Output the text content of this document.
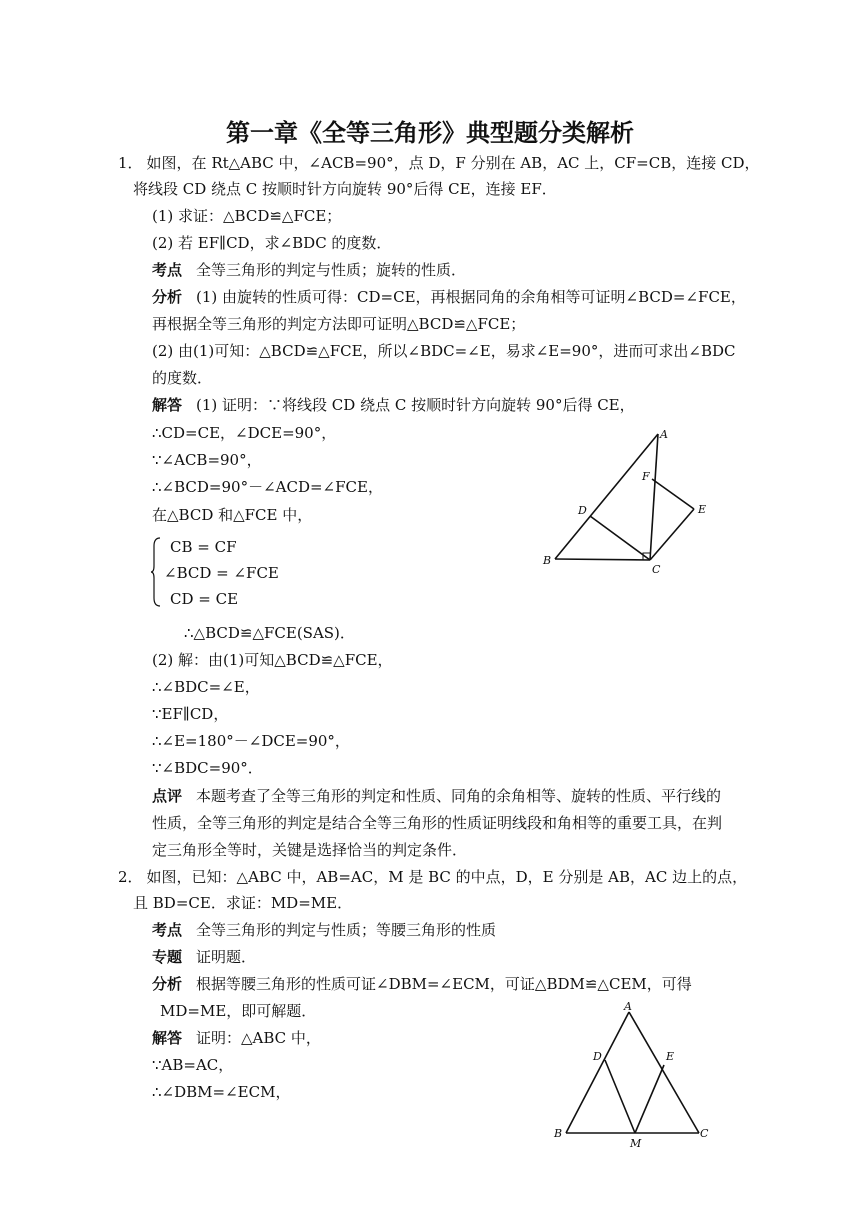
第一章《全等三角形》典型题分类解析
1． 如图，在 Rt△ABC 中，∠ACB=90°，点 D，F 分别在 AB，AC 上，CF=CB，连接 CD，
将线段 CD 绕点 C 按顺时针方向旋转 90°后得 CE，连接 EF．
(1) 求证：△BCD≌△FCE；
(2) 若 EF∥CD，求∠BDC 的度数．
考点 全等三角形的判定与性质；旋转的性质．
分析 (1) 由旋转的性质可得：CD=CE，再根据同角的余角相等可证明∠BCD=∠FCE，
再根据全等三角形的判定方法即可证明△BCD≌△FCE；
(2) 由(1)可知：△BCD≌△FCE，所以∠BDC=∠E，易求∠E=90°，进而可求出∠BDC
的度数．
解答 (1) 证明：∵将线段 CD 绕点 C 按顺时针方向旋转 90°后得 CE，
∴CD=CE，∠DCE=90°，
∵∠ACB=90°，
∴∠BCD=90°－∠ACD=∠FCE，
在△BCD 和△FCE 中，
CB = CF
∠BCD = ∠FCE
CD = CE
∴△BCD≌△FCE(SAS)．
(2) 解：由(1)可知△BCD≌△FCE，
∴∠BDC=∠E，
∵EF∥CD，
∴∠E=180°－∠DCE=90°，
∵∠BDC=90°．
点评 本题考查了全等三角形的判定和性质、同角的余角相等、旋转的性质、平行线的
性质，全等三角形的判定是结合全等三角形的性质证明线段和角相等的重要工具，在判
定三角形全等时，关键是选择恰当的判定条件．
A
B
C
D	E
F
2． 如图，已知：△ABC 中，AB=AC，M 是 BC 的中点，D，E 分别是 AB，AC 边上的点，
且 BD=CE．求证：MD=ME．
考点 全等三角形的判定与性质；等腰三角形的性质
专题 证明题．
分析 根据等腰三角形的性质可证∠DBM=∠ECM，可证△BDM≌△CEM，可得
MD=ME，即可解题．
解答 证明：△ABC 中，
∵AB=AC，
∴∠DBM=∠ECM，
A
B	C
D	E
M
